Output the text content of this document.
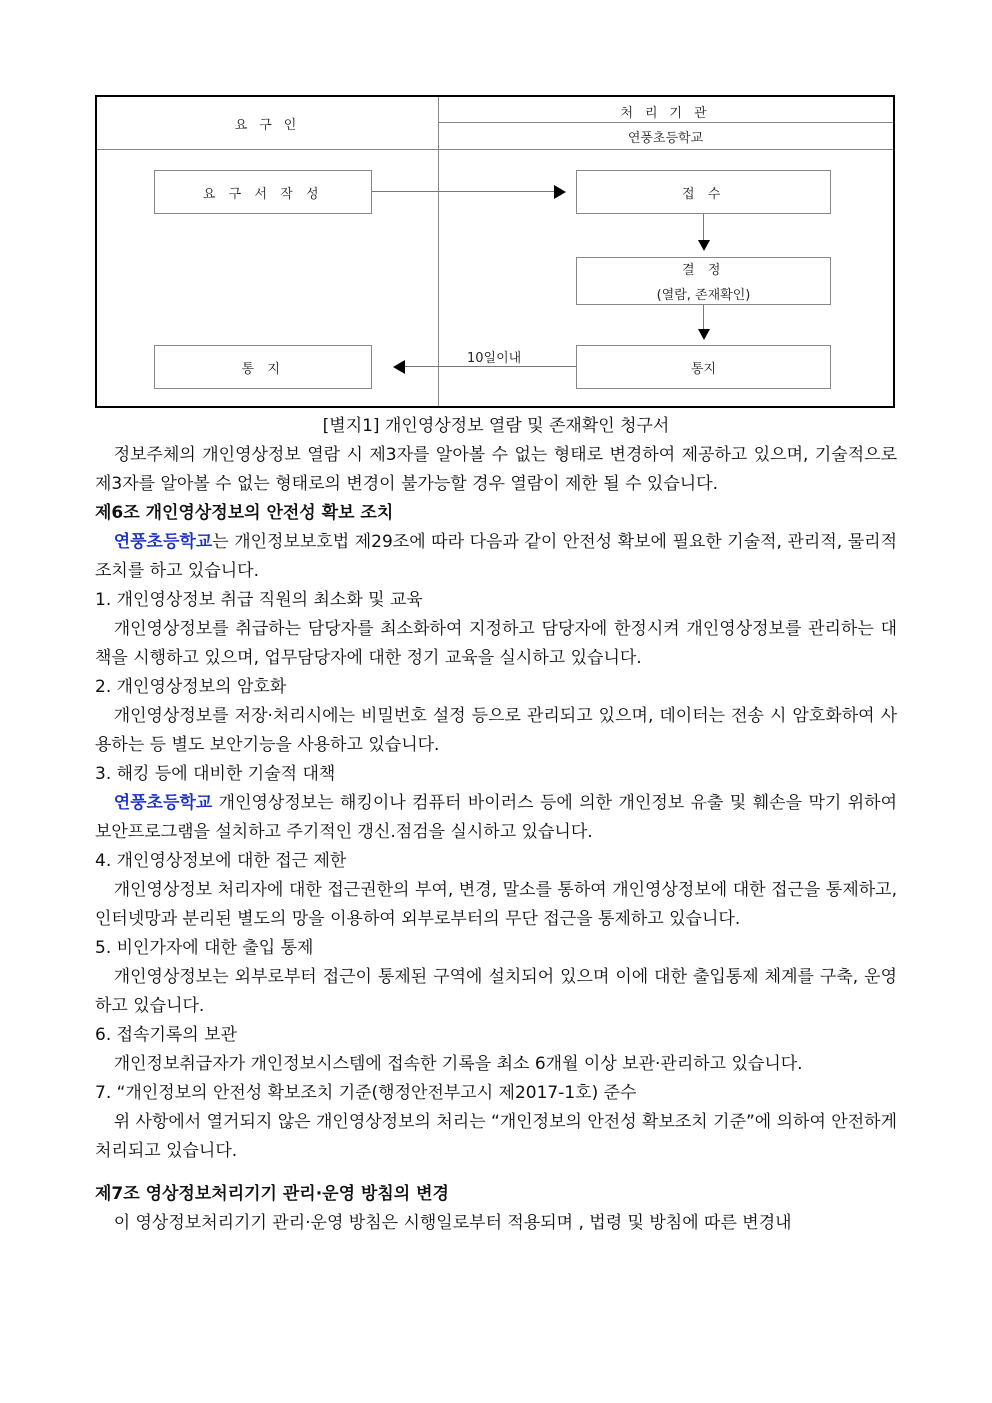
요 구 인
처 리 기 관
연풍초등학교
요 구 서 작 성	접 수
결 정
(열람, 존재확인)
통 지
10일이내
통지
[별지1] 개인영상정보 열람 및 존재확인 청구서
정보주체의 개인영상정보 열람 시 제3자를 알아볼 수 없는 형태로 변경하여 제공하고 있으며, 기술적으로 제3자를 알아볼 수 없는 형태로의 변경이 불가능할 경우 열람이 제한 될 수 있습니다.
제6조 개인영상정보의 안전성 확보 조치
연풍초등학교는 개인정보보호법 제29조에 따라 다음과 같이 안전성 확보에 필요한 기술적, 관리적, 물리적 조치를 하고 있습니다.
1. 개인영상정보 취급 직원의 최소화 및 교육
개인영상정보를 취급하는 담당자를 최소화하여 지정하고 담당자에 한정시켜 개인영상정보를 관리하는 대책을 시행하고 있으며, 업무담당자에 대한 정기 교육을 실시하고 있습니다.
2. 개인영상정보의 암호화
개인영상정보를 저장·처리시에는 비밀번호 설정 등으로 관리되고 있으며, 데이터는 전송 시 암호화하여 사용하는 등 별도 보안기능을 사용하고 있습니다.
3. 해킹 등에 대비한 기술적 대책
연풍초등학교 개인영상정보는 해킹이나 컴퓨터 바이러스 등에 의한 개인정보 유출 및 훼손을 막기 위하여 보안프로그램을 설치하고 주기적인 갱신.점검을 실시하고 있습니다.
4. 개인영상정보에 대한 접근 제한
개인영상정보 처리자에 대한 접근권한의 부여, 변경, 말소를 통하여 개인영상정보에 대한 접근을 통제하고, 인터넷망과 분리된 별도의 망을 이용하여 외부로부터의 무단 접근을 통제하고 있습니다.
5. 비인가자에 대한 출입 통제
개인영상정보는 외부로부터 접근이 통제된 구역에 설치되어 있으며 이에 대한 출입통제 체계를 구축, 운영하고 있습니다.
6. 접속기록의 보관
개인정보취급자가 개인정보시스템에 접속한 기록을 최소 6개월 이상 보관·관리하고 있습니다.
7. “개인정보의 안전성 확보조치 기준(행정안전부고시 제2017-1호) 준수
위 사항에서 열거되지 않은 개인영상정보의 처리는 “개인정보의 안전성 확보조치 기준”에 의하여 안전하게 처리되고 있습니다.
제7조 영상정보처리기기 관리·운영 방침의 변경
이 영상정보처리기기 관리·운영 방침은 시행일로부터 적용되며 , 법령 및 방침에 따른 변경내
